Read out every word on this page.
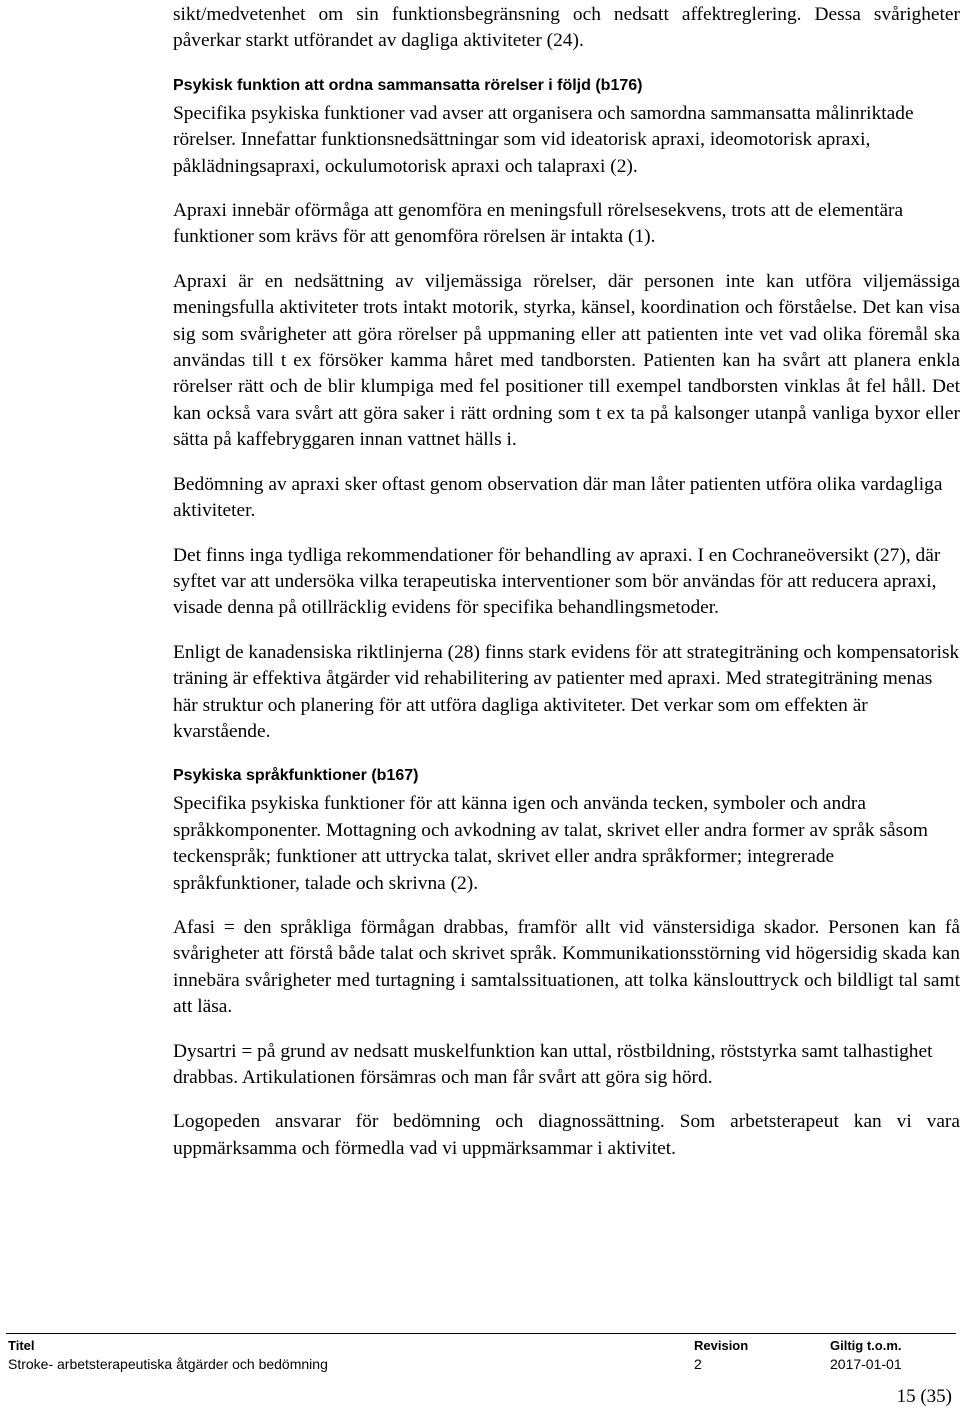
sikt/medvetenhet om sin funktionsbegränsning och nedsatt affektreglering. Dessa svårigheter påverkar starkt utförandet av dagliga aktiviteter (24).

Psykisk funktion att ordna sammansatta rörelser i följd (b176)

Specifika psykiska funktioner vad avser att organisera och samordna sammansatta målinriktade rörelser. Innefattar funktionsnedsättningar som vid ideatorisk apraxi, ideomotorisk apraxi, påklädningsapraxi, ockulumotorisk apraxi och talapraxi (2).

Apraxi innebär oförmåga att genomföra en meningsfull rörelsesekvens, trots att de elementära funktioner som krävs för att genomföra rörelsen är intakta (1).

Apraxi är en nedsättning av viljemässiga rörelser, där personen inte kan utföra viljemässiga meningsfulla aktiviteter trots intakt motorik, styrka, känsel, koordination och förståelse. Det kan visa sig som svårigheter att göra rörelser på uppmaning eller att patienten inte vet vad olika föremål ska användas till t ex försöker kamma håret med tandborsten. Patienten kan ha svårt att planera enkla rörelser rätt och de blir klumpiga med fel positioner till exempel tandborsten vinklas åt fel håll. Det kan också vara svårt att göra saker i rätt ordning som t ex ta på kalsonger utanpå vanliga byxor eller sätta på kaffebryggaren innan vattnet hälls i.

Bedömning av apraxi sker oftast genom observation där man låter patienten utföra olika vardagliga aktiviteter.

Det finns inga tydliga rekommendationer för behandling av apraxi. I en Cochraneöversikt (27), där syftet var att undersöka vilka terapeutiska interventioner som bör användas för att reducera apraxi, visade denna på otillräcklig evidens för specifika behandlingsmetoder.

Enligt de kanadensiska riktlinjerna (28) finns stark evidens för att strategiträning och kompensatorisk träning är effektiva åtgärder vid rehabilitering av patienter med apraxi. Med strategiträning menas här struktur och planering för att utföra dagliga aktiviteter. Det verkar som om effekten är kvarstående.

Psykiska språkfunktioner (b167)

Specifika psykiska funktioner för att känna igen och använda tecken, symboler och andra språkkomponenter. Mottagning och avkodning av talat, skrivet eller andra former av språk såsom teckenspråk; funktioner att uttrycka talat, skrivet eller andra språkformer; integrerade språkfunktioner, talade och skrivna (2).

Afasi = den språkliga förmågan drabbas, framför allt vid vänstersidiga skador. Personen kan få svårigheter att förstå både talat och skrivet språk. Kommunikationsstörning vid högersidig skada kan innebära svårigheter med turtagning i samtalssituationen, att tolka känslouttryck och bildligt tal samt att läsa.

Dysartri = på grund av nedsatt muskelfunktion kan uttal, röstbildning, röststyrka samt talhastighet drabbas. Artikulationen försämras och man får svårt att göra sig hörd.

Logopeden ansvarar för bedömning och diagnossättning. Som arbetsterapeut kan vi vara uppmärksamma och förmedla vad vi uppmärksammar i aktivitet.

Titel
Stroke- arbetsterapeutiska åtgärder och bedömning
Revision
2
Giltig t.o.m.
2017-01-01
15 (35)
